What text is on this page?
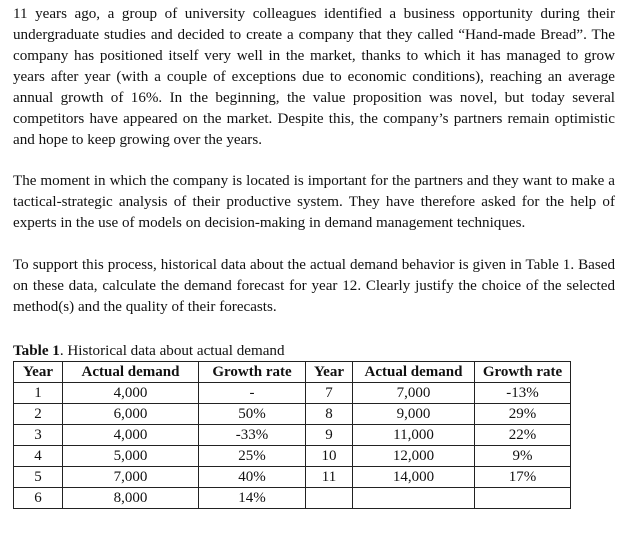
11 years ago, a group of university colleagues identified a business opportunity during their undergraduate studies and decided to create a company that they called “Hand-made Bread”. The company has positioned itself very well in the market, thanks to which it has managed to grow years after year (with a couple of exceptions due to economic conditions), reaching an average annual growth of 16%. In the beginning, the value proposition was novel, but today several competitors have appeared on the market. Despite this, the company’s partners remain optimistic and hope to keep growing over the years.

The moment in which the company is located is important for the partners and they want to make a tactical-strategic analysis of their productive system. They have therefore asked for the help of experts in the use of models on decision-making in demand management techniques.

To support this process, historical data about the actual demand behavior is given in Table 1. Based on these data, calculate the demand forecast for year 12. Clearly justify the choice of the selected method(s) and the quality of their forecasts.

Table 1. Historical data about actual demand

Year	Actual demand	Growth rate	Year	Actual demand	Growth rate
1	4,000	-	7	7,000	-13%
2	6,000	50%	8	9,000	29%
3	4,000	-33%	9	11,000	22%
4	5,000	25%	10	12,000	9%
5	7,000	40%	11	14,000	17%
6	8,000	14%			
